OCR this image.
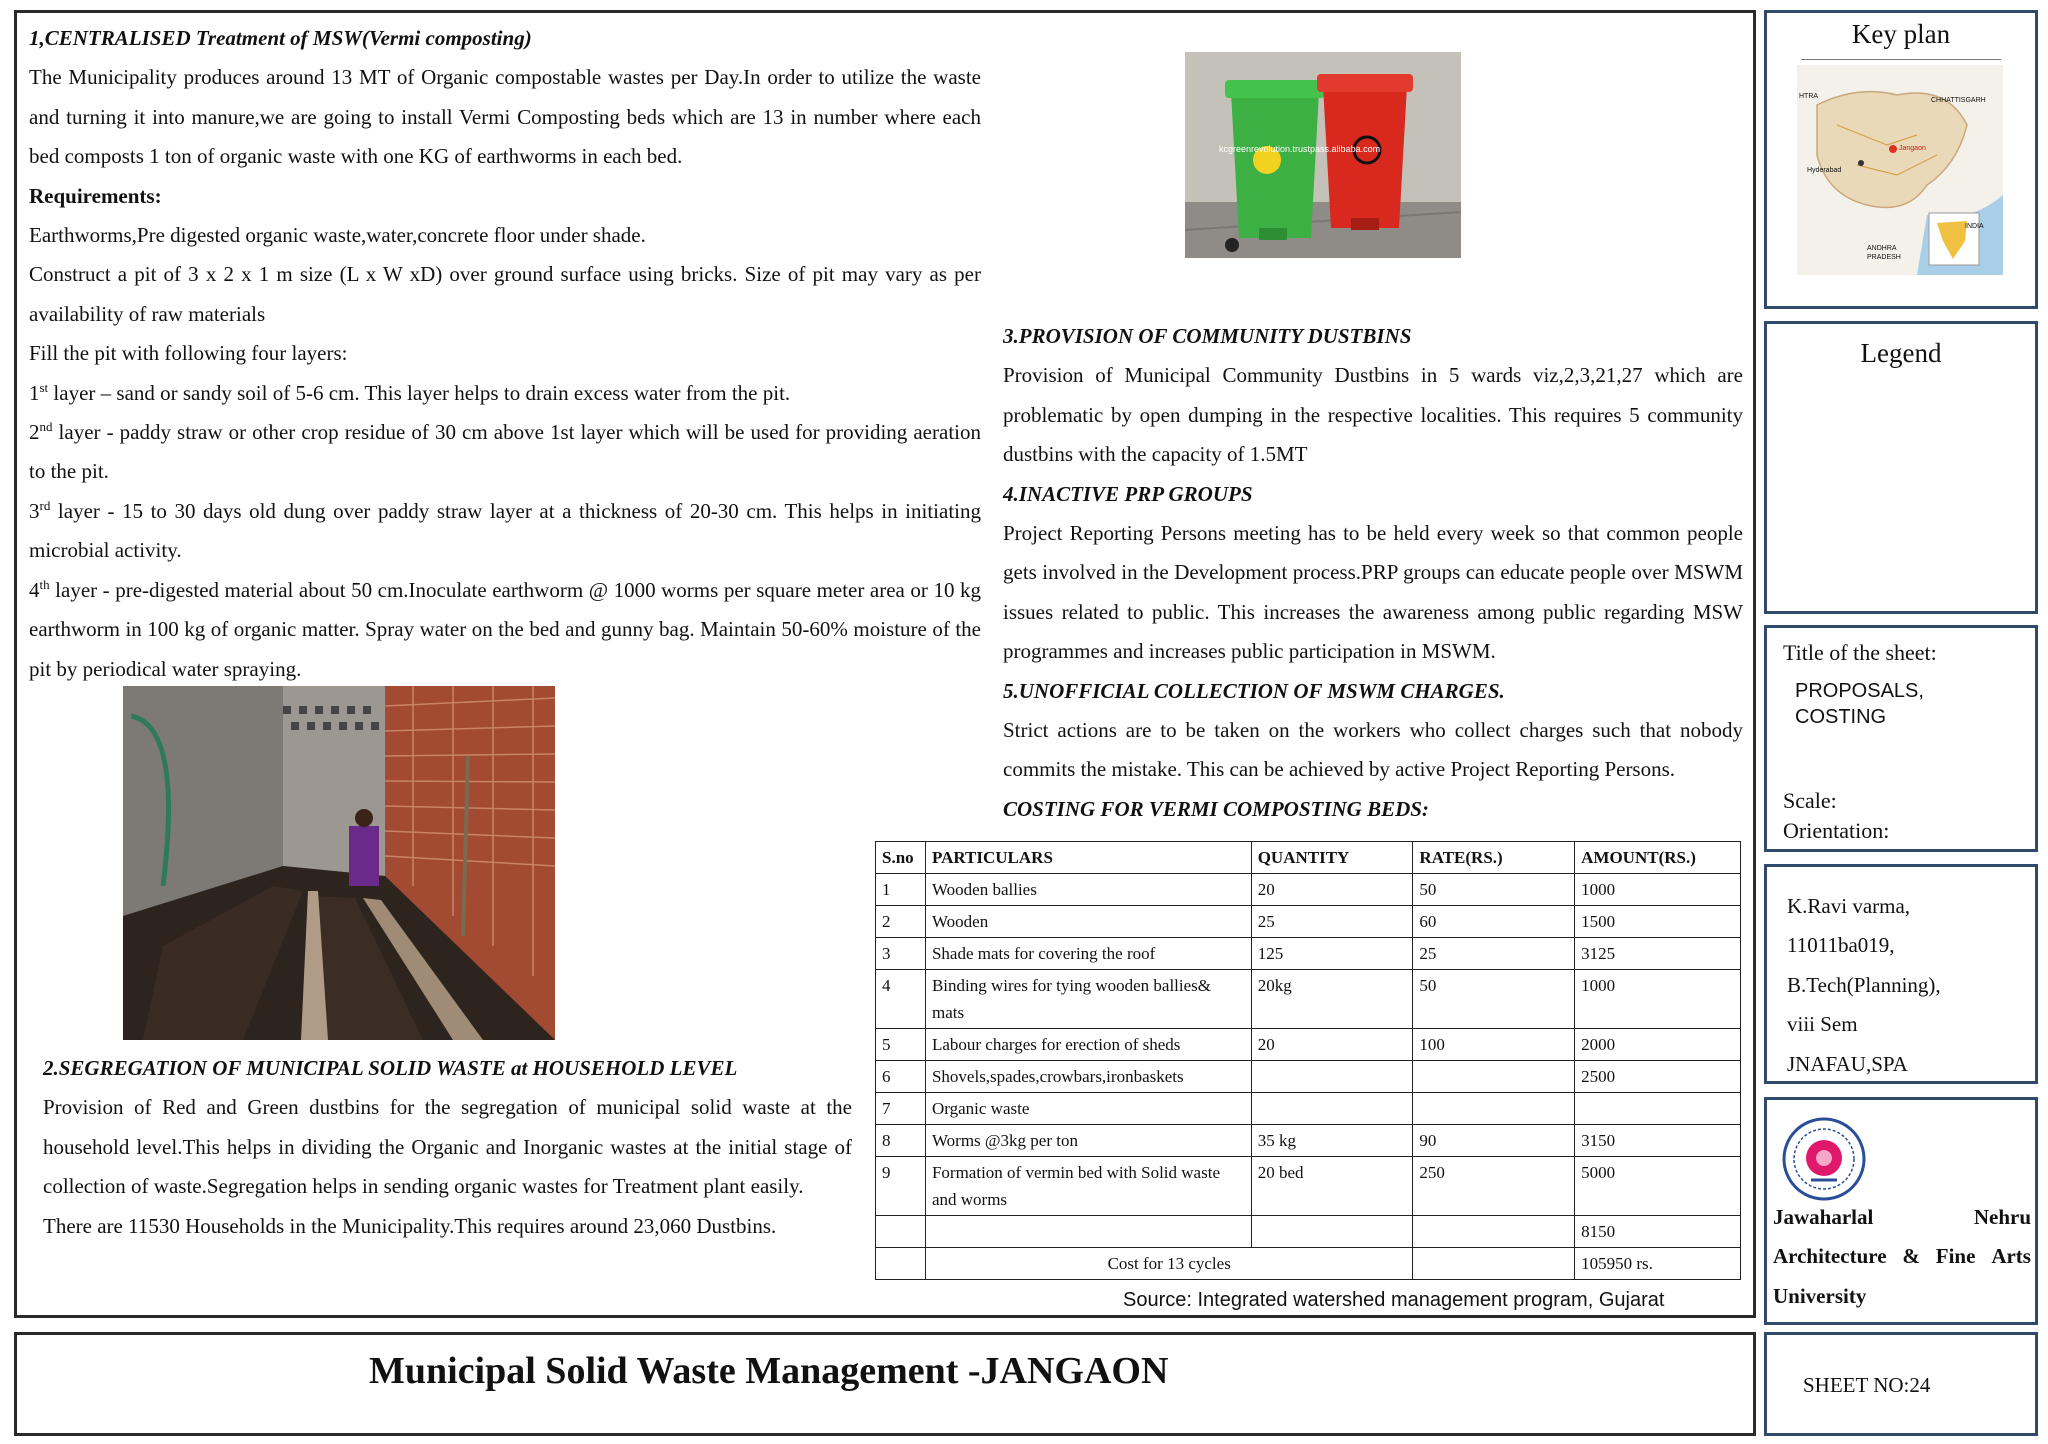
1,CENTRALISED Treatment of MSW(Vermi composting)
The Municipality produces around 13 MT of Organic compostable wastes per Day.In order to utilize the waste and turning it into manure,we are going to install Vermi Composting beds which are 13 in number where each bed composts 1 ton of organic waste with one KG of earthworms in each bed.
Requirements:
Earthworms,Pre digested organic waste,water,concrete floor under shade.
Construct a pit of 3 x 2 x 1 m size (L x W xD) over ground surface using bricks. Size of pit may vary as per availability of raw materials
Fill the pit with following four layers:
1st layer – sand or sandy soil of 5-6 cm. This layer helps to drain excess water from the pit.
2nd layer - paddy straw or other crop residue of 30 cm above 1st layer which will be used for providing aeration to the pit.
3rd layer - 15 to 30 days old dung over paddy straw layer at a thickness of 20-30 cm. This helps in initiating microbial activity.
4th layer - pre-digested material about 50 cm.Inoculate earthworm @ 1000 worms per square meter area or 10 kg earthworm in 100 kg of organic matter. Spray water on the bed and gunny bag. Maintain 50-60% moisture of the pit by periodical water spraying.
kcgreenrevolution.trustpass.alibaba.com
2.SEGREGATION OF MUNICIPAL SOLID WASTE at HOUSEHOLD LEVEL
Provision of Red and Green dustbins for the segregation of municipal solid waste at the household level.This helps in dividing the Organic and Inorganic wastes at the initial stage of collection of waste.Segregation helps in sending organic wastes for Treatment plant easily.
There are 11530 Households in the Municipality.This requires around 23,060 Dustbins.
3.PROVISION OF COMMUNITY DUSTBINS
Provision of Municipal Community Dustbins in 5 wards viz,2,3,21,27 which are problematic by open dumping in the respective localities. This requires 5 community dustbins with the capacity of 1.5MT
4.INACTIVE PRP GROUPS
Project Reporting Persons meeting has to be held every week so that common people gets involved in the Development process.PRP groups can educate people over MSWM issues related to public. This increases the awareness among public regarding MSW programmes and increases public participation in MSWM.
5.UNOFFICIAL COLLECTION OF MSWM CHARGES.
Strict actions are to be taken on the workers who collect charges such that nobody commits the mistake. This can be achieved by active Project Reporting Persons.
COSTING FOR VERMI COMPOSTING BEDS:
S.no	PARTICULARS	QUANTITY	RATE(RS.)	AMOUNT(RS.)
1	Wooden ballies	20	50	1000
2	Wooden	25	60	1500
3	Shade mats for covering the roof	125	25	3125
4	Binding wires for tying wooden ballies& mats	20kg	50	1000
5	Labour charges for erection of sheds	20	100	2000
6	Shovels,spades,crowbars,ironbaskets			2500
7	Organic waste			
8	Worms @3kg per ton	35 kg	90	3150
9	Formation of vermin bed with Solid waste and worms	20 bed	250	5000
				8150
	Cost for 13 cycles			105950 rs.
Source: Integrated watershed management program, Gujarat
Municipal Solid Waste Management -JANGAON
Key plan
HTRA
CHHATTISGARH
Jangaon
Hyderabad
ANDHRA
PRADESH
INDIA
Legend
Title of the sheet:
PROPOSALS,
COSTING
Scale:
Orientation:
K.Ravi varma,
11011ba019,
B.Tech(Planning),
viii Sem
JNAFAU,SPA
Jawaharlal	Nehru
Architecture & Fine Arts
University
SHEET NO:24
